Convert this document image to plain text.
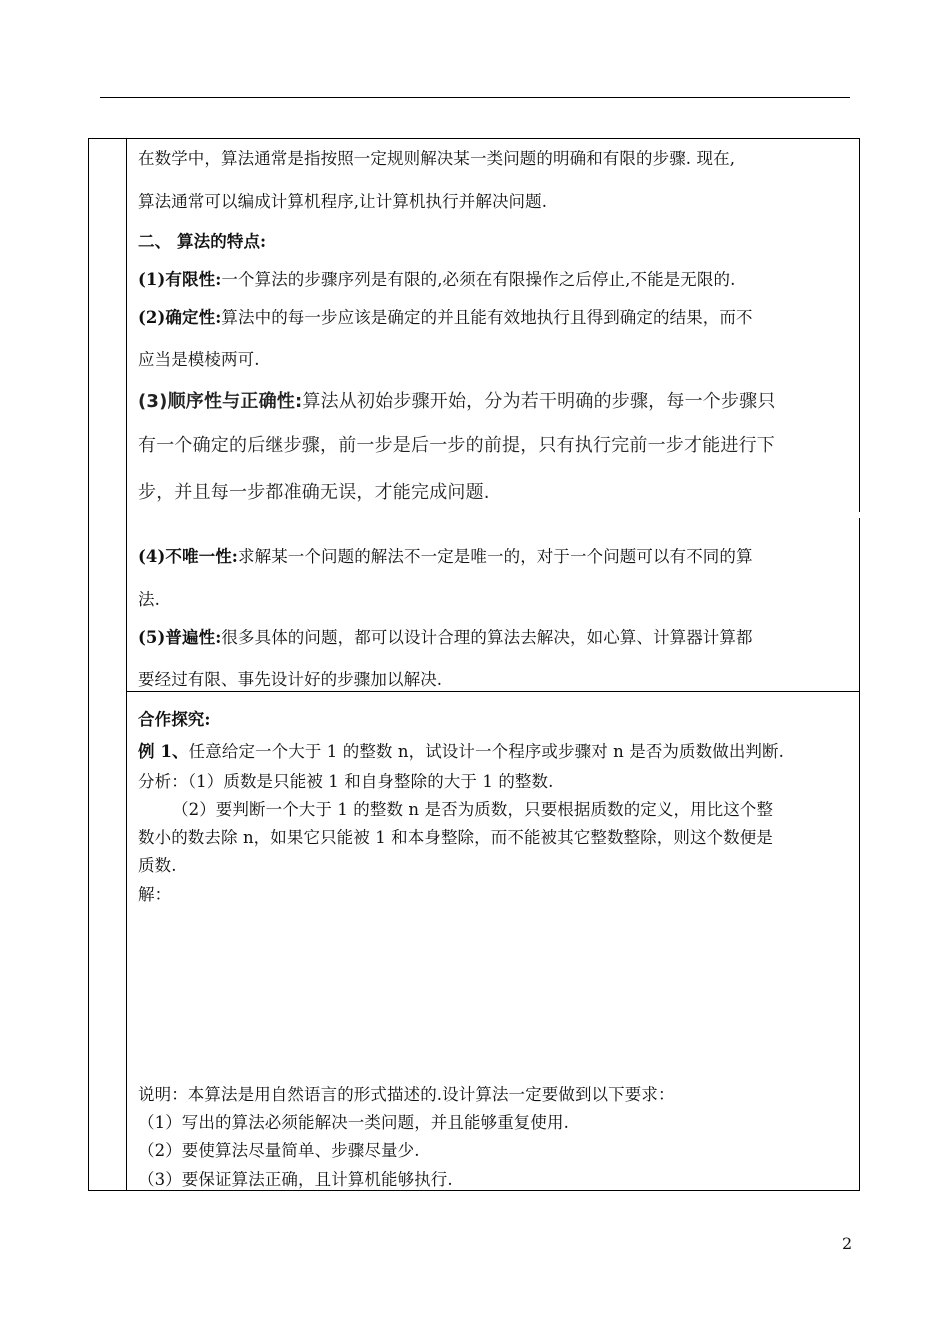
在数学中，算法通常是指按照一定规则解决某一类问题的明确和有限的步骤. 现在,
算法通常可以编成计算机程序,让计算机执行并解决问题.
二、 算法的特点:
(1)有限性:一个算法的步骤序列是有限的,必须在有限操作之后停止,不能是无限的.
(2)确定性:算法中的每一步应该是确定的并且能有效地执行且得到确定的结果，而不
应当是模棱两可.
(3)顺序性与正确性:算法从初始步骤开始，分为若干明确的步骤，每一个步骤只
有一个确定的后继步骤，前一步是后一步的前提，只有执行完前一步才能进行下
步，并且每一步都准确无误，才能完成问题.
(4)不唯一性:求解某一个问题的解法不一定是唯一的，对于一个问题可以有不同的算
法.
(5)普遍性:很多具体的问题，都可以设计合理的算法去解决，如心算、计算器计算都
要经过有限、事先设计好的步骤加以解决.
合作探究:
例 1、任意给定一个大于 1 的整数 n，试设计一个程序或步骤对 n 是否为质数做出判断.
分析：（1）质数是只能被 1 和自身整除的大于 1 的整数.
（2）要判断一个大于 1 的整数 n 是否为质数，只要根据质数的定义，用比这个整
数小的数去除 n，如果它只能被 1 和本身整除，而不能被其它整数整除，则这个数便是
质数.
解：
说明：本算法是用自然语言的形式描述的.设计算法一定要做到以下要求：
（1）写出的算法必须能解决一类问题，并且能够重复使用.
（2）要使算法尽量简单、步骤尽量少.
（3）要保证算法正确，且计算机能够执行.
2
